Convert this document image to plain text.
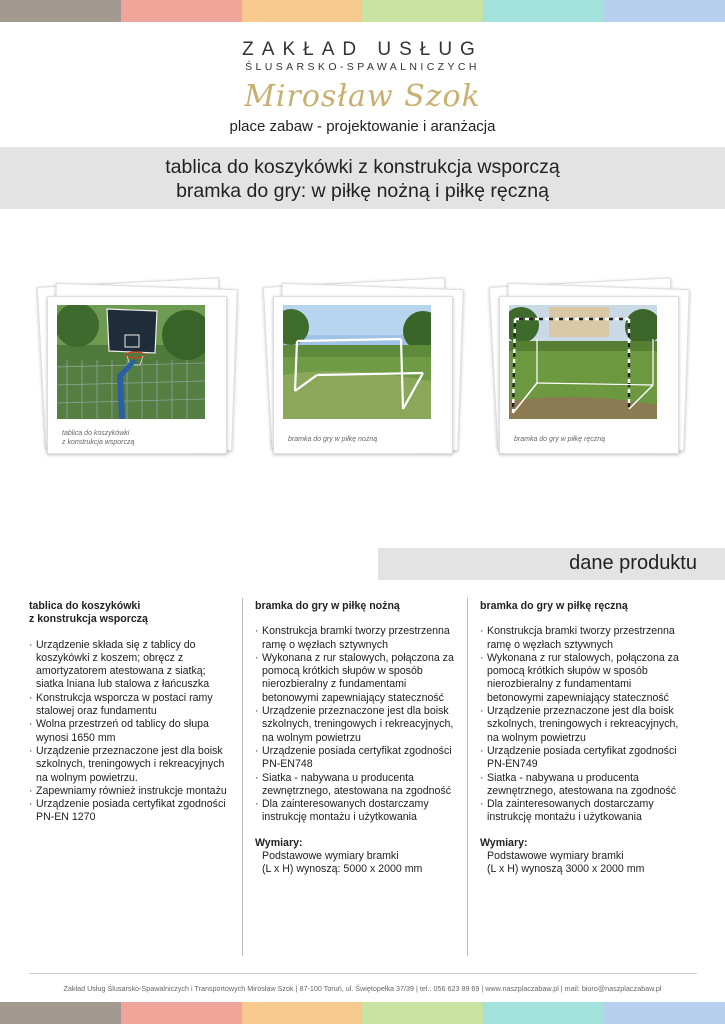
ZAKŁAD USŁUG
ŚLUSARSKO-SPAWALNICZYCH
Mirosław Szok
place zabaw - projektowanie i aranżacja
tablica do koszykówki z konstrukcja wsporczą
bramka do gry: w piłkę nożną i piłkę ręczną
tablica do koszykówki
z konstrukcja wsporczą	bramka do gry w piłkę nożną	bramka do gry w piłkę ręczną
dane produktu
tablica do koszykówki
z konstrukcja wsporczą
· Urządzenie składa się z tablicy do koszykówki z koszem; obręcz z amortyzatorem atestowana z siatką; siatka lniana lub stalowa z łańcuszka
· Konstrukcja wsporcza w postaci ramy stalowej oraz fundamentu
· Wolna przestrzeń od tablicy do słupa wynosi 1650 mm
· Urządzenie przeznaczone jest dla boisk szkolnych, treningowych i rekreacyjnych na wolnym powietrzu.
· Zapewniamy również instrukcje montażu
· Urządzenie posiada certyfikat zgodności PN-EN 1270
bramka do gry w piłkę nożną
· Konstrukcja bramki tworzy przestrzenna ramę o węzłach sztywnych
· Wykonana z rur stalowych, połączona za pomocą krótkich słupów w sposób nierozbieralny z fundamentami betonowymi zapewniający stateczność
· Urządzenie przeznaczone jest dla boisk szkolnych, treningowych i rekreacyjnych, na wolnym powietrzu
· Urządzenie posiada certyfikat zgodności PN-EN748
· Siatka - nabywana u producenta zewnętrznego, atestowana na zgodność
· Dla zainteresowanych dostarczamy instrukcję montażu i użytkowania
Wymiary:
Podstawowe wymiary bramki
(L x H) wynoszą: 5000 x 2000 mm
bramka do gry w piłkę ręczną
· Konstrukcja bramki tworzy przestrzenna ramę o węzłach sztywnych
· Wykonana z rur stalowych, połączona za pomocą krótkich słupów w sposób nierozbieralny z fundamentami betonowymi zapewniający stateczność
· Urządzenie przeznaczone jest dla boisk szkolnych, treningowych i rekreacyjnych, na wolnym powietrzu
· Urządzenie posiada certyfikat zgodności PN-EN749
· Siatka - nabywana u producenta zewnętrznego, atestowana na zgodność
· Dla zainteresowanych dostarczamy instrukcję montażu i użytkowania
Wymiary:
Podstawowe wymiary bramki
(L x H) wynoszą 3000 x 2000 mm
Zakład Usług Ślusarsko-Spawalniczych i Transportowych Mirosław Szok | 87-100 Toruń, ul. Świętopełka 37/39 | tel.: 056 623 89 69 | www.naszplaczabaw.pl | mail: biuro@naszplaczabaw.pl
